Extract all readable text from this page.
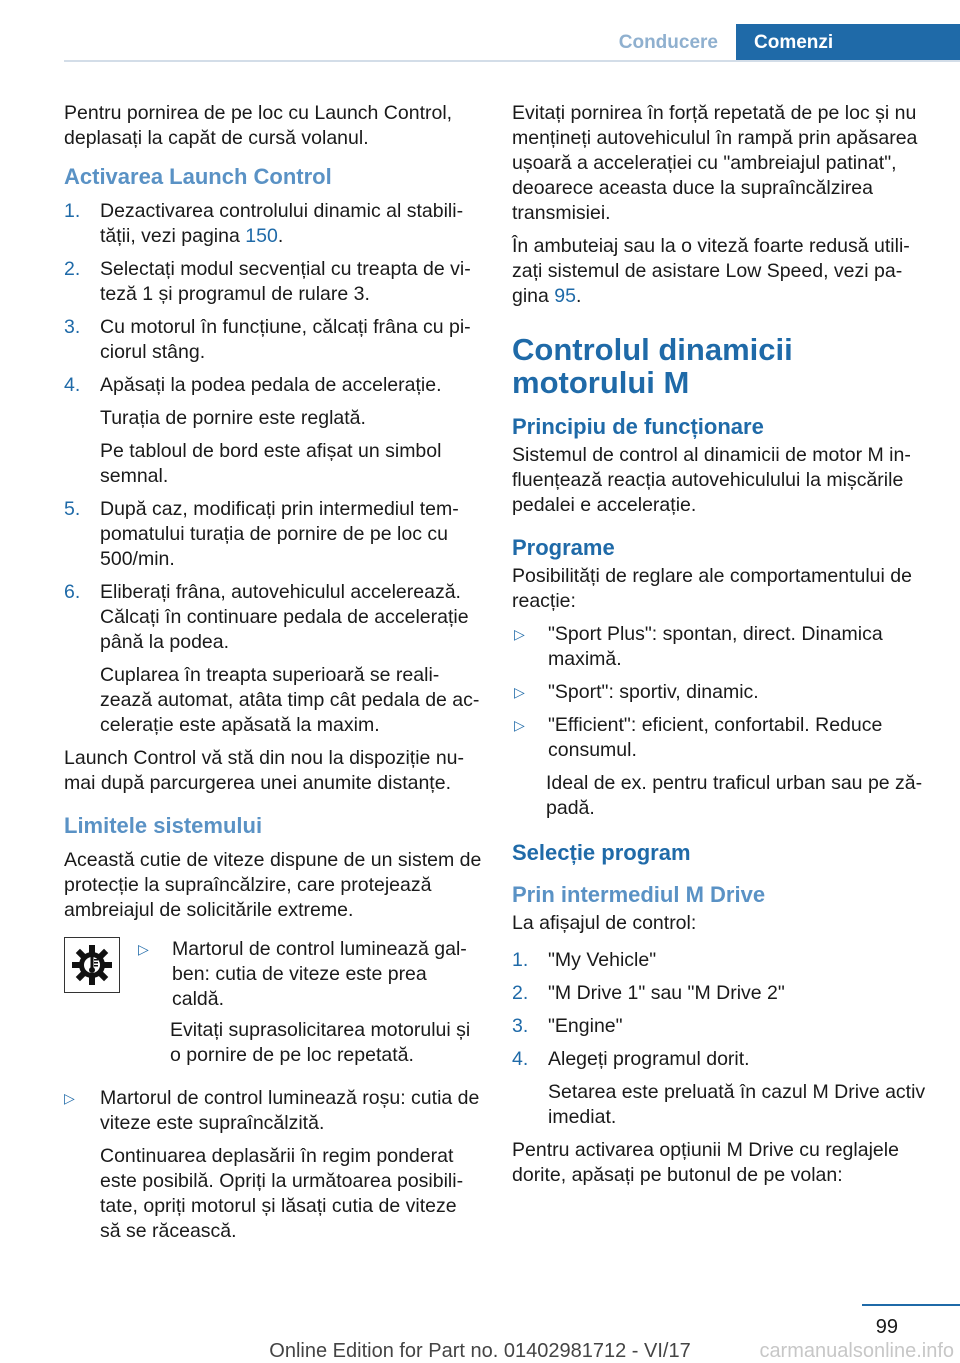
Conducere	Comenzi

Pentru pornirea de pe loc cu Launch Control, deplasați la capăt de cursă volanul.

Activarea Launch Control
1.	Dezactivarea controlului dinamic al stabili‐tății, vezi pagina 150.
2.	Selectați modul secvențial cu treapta de vi‐teză 1 și programul de rulare 3.
3.	Cu motorul în funcțiune, călcați frâna cu pi‐ciorul stâng.
4.	Apăsați la podea pedala de accelerație.

Turația de pornire este reglată.

Pe tabloul de bord este afișat un simbol semnal.

5.	După caz, modificați prin intermediul tem‐pomatului turația de pornire de pe loc cu 500/min.
6.	Eliberați frâna, autovehiculul accelerează. Călcați în continuare pedala de accelerație până la podea.

Cuplarea în treapta superioară se reali‐zează automat, atâta timp cât pedala de ac‐celerație este apăsată la maxim.

Launch Control vă stă din nou la dispoziție nu‐mai după parcurgerea unei anumite distanțe.

Limitele sistemului

Această cutie de viteze dispune de un sistem de protecție la supraîncălzire, care protejează ambreiajul de solicitările extreme.

▷	Martorul de control luminează gal‐ben: cutia de viteze este prea caldă.

Evitați suprasolicitarea motorului și o pornire de pe loc repetată.

▷	Martorul de control luminează roșu: cutia de viteze este supraîncălzită.

Continuarea deplasării în regim ponderat este posibilă. Opriți la următoarea posibili‐tate, opriți motorul și lăsați cutia de viteze să se răcească.

Evitați pornirea în forță repetată de pe loc și nu mențineți autovehiculul în rampă prin apăsarea ușoară a accelerației cu "ambreiajul patinat", deoarece aceasta duce la supraîncălzirea transmisiei.

În ambuteiaj sau la o viteză foarte redusă utili‐zați sistemul de asistare Low Speed, vezi pa‐gina 95.

Controlul dinamicii motorului M
Principiu de funcționare

Sistemul de control al dinamicii de motor M in‐fluențează reacția autovehiculului la mișcările pedalei e accelerație.

Programe

Posibilități de reglare ale comportamentului de reacție:

▷	"Sport Plus": spontan, direct. Dinamica maximă.
▷	"Sport": sportiv, dinamic.
▷	"Efficient": eficient, confortabil. Reduce consumul.

Ideal de ex. pentru traficul urban sau pe ză‐padă.

Selecție program
Prin intermediul M Drive

La afișajul de control:

1.	"My Vehicle"
2.	"M Drive 1" sau "M Drive 2"
3.	"Engine"
4.	Alegeți programul dorit.

Setarea este preluată în cazul M Drive activ imediat.

Pentru activarea opțiunii M Drive cu reglajele dorite, apăsați pe butonul de pe volan:

99
Online Edition for Part no. 01402981712 - VI/17	carmanualsonline.info
